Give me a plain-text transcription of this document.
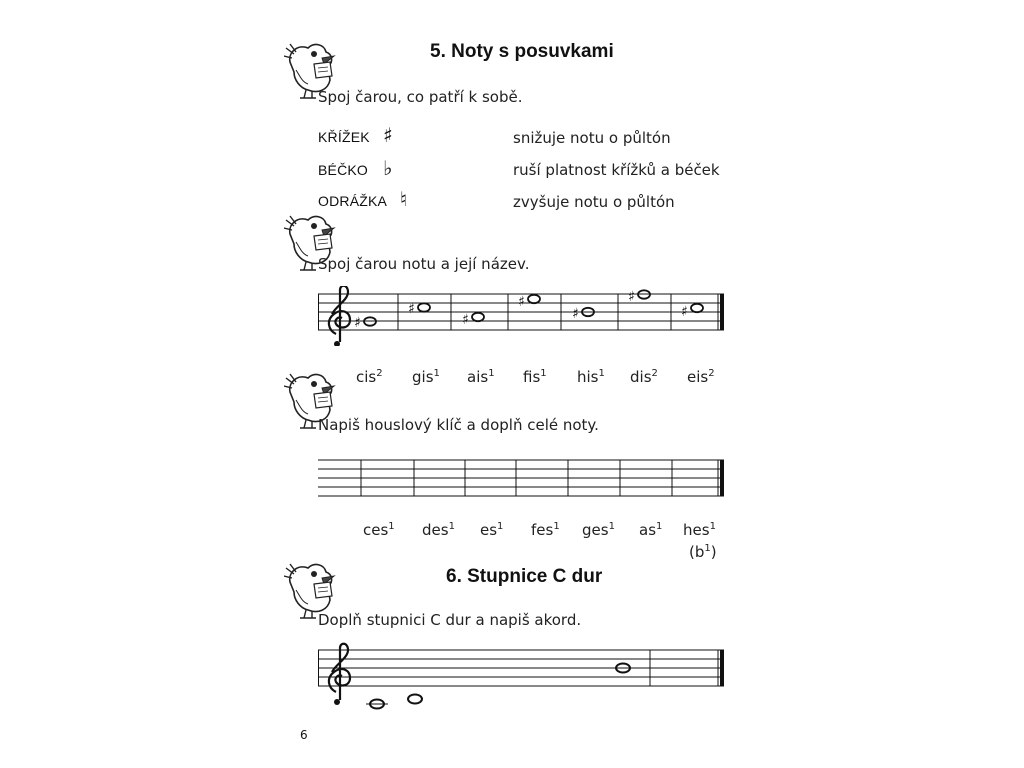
5. Noty s posuvkami
Spoj čarou, co patří k sobě.
KŘÍŽEK ♯
BÉČKO ♭
ODRÁŽKA ♮
snižuje notu o půltón
ruší platnost křížků a béček
zvyšuje notu o půltón
Spoj čarou notu a její název.
♯
♯
♯
♯
♯
♯
♯
cis$^2$ gis$^1$ ais$^1$ fis$^1$ his$^1$ dis$^2$ eis$^2$
Napiš houslový klíč a doplň celé noty.
ces$^1$ des$^1$ $es^1$ fes$^1$ ges$^1$ $as^1$ hes$^1$
$(b^1)$
6. Stupnice C dur
Doplň stupnici C dur a napiš akord.
6
